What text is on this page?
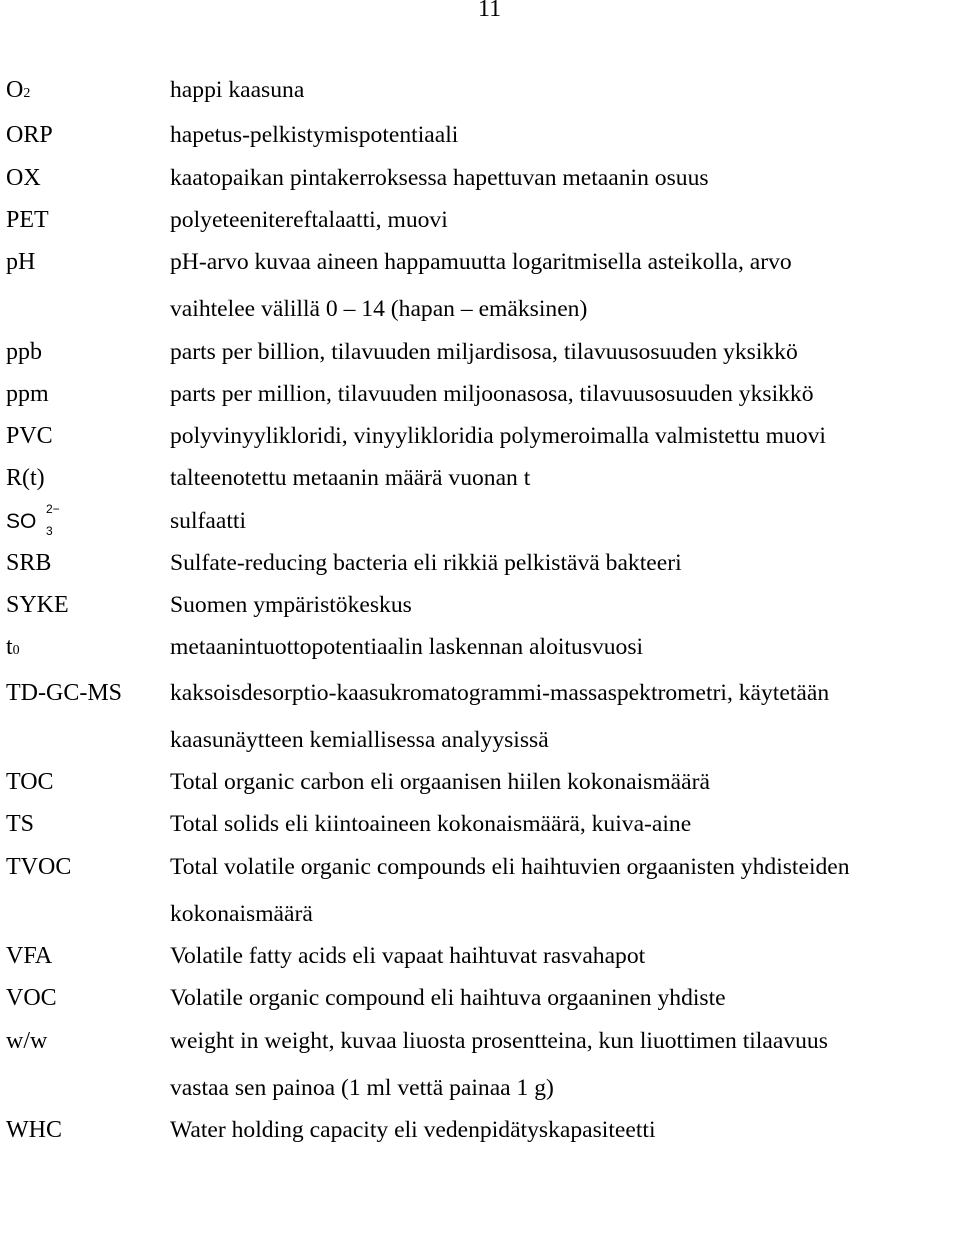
11
O2	happi kaasuna
ORP	hapetus-pelkistymispotentiaali
OX	kaatopaikan pintakerroksessa hapettuvan metaanin osuus
PET	polyeteenitereftalaatti, muovi
pH	pH-arvo kuvaa aineen happamuutta logaritmisella asteikolla, arvo
vaihtelee välillä 0 – 14 (hapan – emäksinen)
ppb	parts per billion, tilavuuden miljardisosa, tilavuusosuuden yksikkö
ppm	parts per million, tilavuuden miljoonasosa, tilavuusosuuden yksikkö
PVC	polyvinyylikloridi, vinyylikloridia polymeroimalla valmistettu muovi
R(t)	talteenotettu metaanin määrä vuonan t
SO
2−
3	sulfaatti
SRB	Sulfate-reducing bacteria eli rikkiä pelkistävä bakteeri
SYKE	Suomen ympäristökeskus
t0	metaanintuottopotentiaalin laskennan aloitusvuosi
TD-GC-MS	kaksoisdesorptio-kaasukromatogrammi-massaspektrometri, käytetään
kaasunäytteen kemiallisessa analyysissä
TOC	Total organic carbon eli orgaanisen hiilen kokonaismäärä
TS	Total solids eli kiintoaineen kokonaismäärä, kuiva-aine
TVOC	Total volatile organic compounds eli haihtuvien orgaanisten yhdisteiden
kokonaismäärä
VFA	Volatile fatty acids eli vapaat haihtuvat rasvahapot
VOC	Volatile organic compound eli haihtuva orgaaninen yhdiste
w/w	weight in weight, kuvaa liuosta prosentteina, kun liuottimen tilaavuus
vastaa sen painoa (1 ml vettä painaa 1 g)
WHC	Water holding capacity eli vedenpidätyskapasiteetti
